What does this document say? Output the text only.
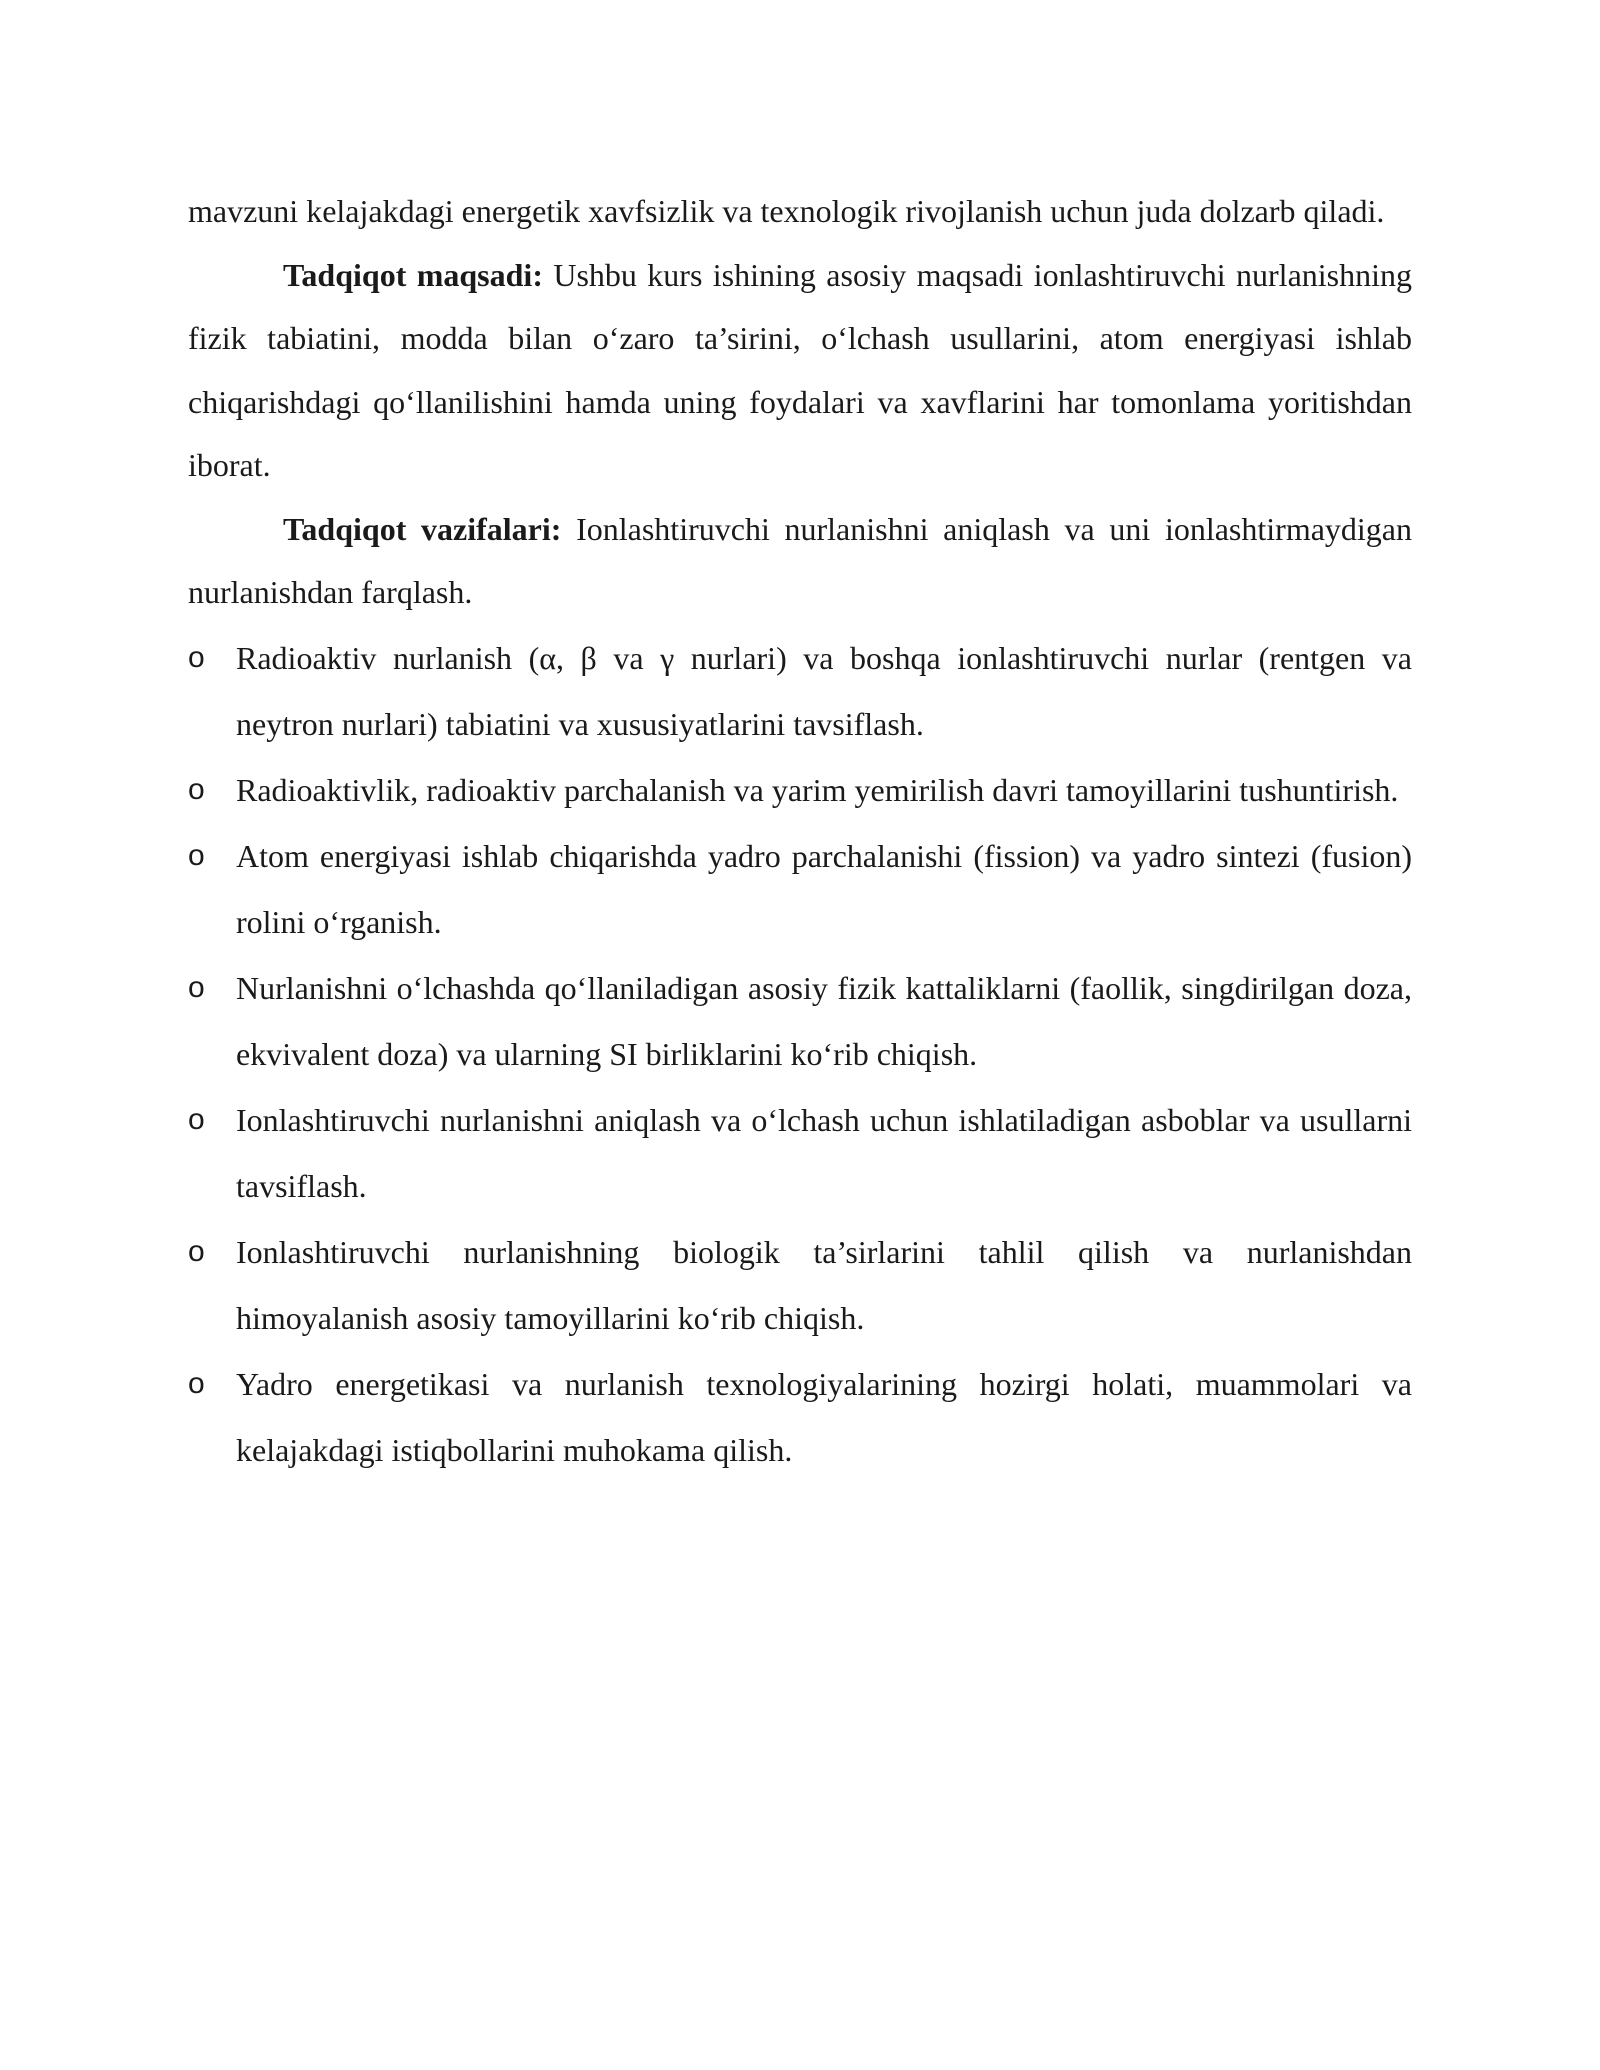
mavzuni kelajakdagi energetik xavfsizlik va texnologik rivojlanish uchun juda dolzarb qiladi.

Tadqiqot maqsadi: Ushbu kurs ishining asosiy maqsadi ionlashtiruvchi nurlanishning fizik tabiatini, modda bilan o‘zaro ta’sirini, o‘lchash usullarini, atom energiyasi ishlab chiqarishdagi qo‘llanilishini hamda uning foydalari va xavflarini har tomonlama yoritishdan iborat.

Tadqiqot vazifalari: Ionlashtiruvchi nurlanishni aniqlash va uni ionlashtirmaydigan nurlanishdan farqlash.

o Radioaktiv nurlanish (α, β va γ nurlari) va boshqa ionlashtiruvchi nurlar (rentgen va neytron nurlari) tabiatini va xususiyatlarini tavsiflash.
o Radioaktivlik, radioaktiv parchalanish va yarim yemirilish davri tamoyillarini tushuntirish.
o Atom energiyasi ishlab chiqarishda yadro parchalanishi (fission) va yadro sintezi (fusion) rolini o‘rganish.
o Nurlanishni o‘lchashda qo‘llaniladigan asosiy fizik kattaliklarni (faollik, singdirilgan doza, ekvivalent doza) va ularning SI birliklarini ko‘rib chiqish.
o Ionlashtiruvchi nurlanishni aniqlash va o‘lchash uchun ishlatiladigan asboblar va usullarni tavsiflash.
o Ionlashtiruvchi nurlanishning biologik ta’sirlarini tahlil qilish va nurlanishdan himoyalanish asosiy tamoyillarini ko‘rib chiqish.
o Yadro energetikasi va nurlanish texnologiyalarining hozirgi holati, muammolari va kelajakdagi istiqbollarini muhokama qilish.
